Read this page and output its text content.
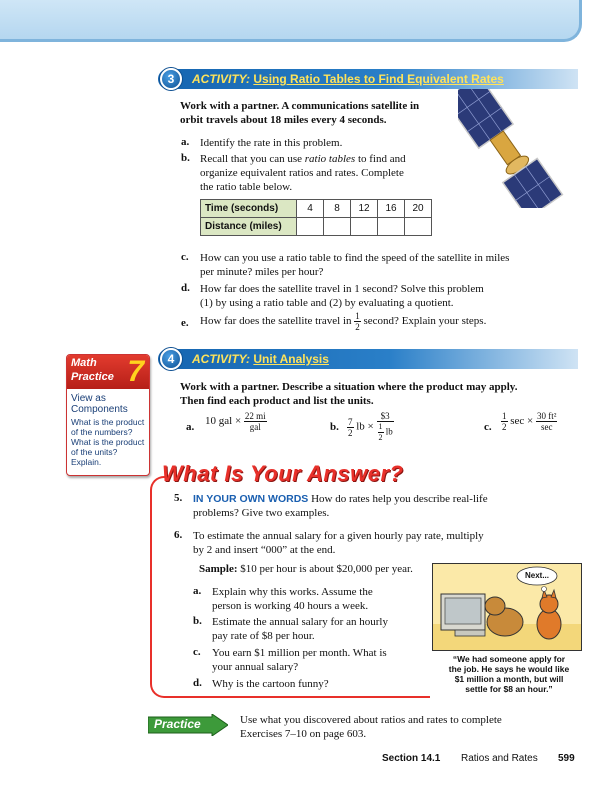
3	ACTIVITY: Using Ratio Tables to Find Equivalent Rates
Work with a partner. A communications satellite in
orbit travels about 18 miles every 4 seconds.
a. Identify the rate in this problem.
b. Recall that you can use ratio tables to find and
organize equivalent ratios and rates. Complete
the ratio table below.
Time (seconds)	4	8	12	16	20
Distance (miles)					
c. How can you use a ratio table to find the speed of the satellite in miles
per minute? miles per hour?
d. How far does the satellite travel in 1 second? Solve this problem
(1) by using a ratio table and (2) by evaluating a quotient.
e. How far does the satellite travel in $\frac{1}{2}$ second? Explain your steps.
4	ACTIVITY: Unit Analysis
Math
Practice 7
View as
Components
What is the product
of the numbers?
What is the product
of the units? Explain.
Work with a partner. Describe a situation where the product may apply.
Then find each product and list the units.
a. 10 gal × $\frac{22 mi}{\text{gal}}$	b. $\frac{7}{2}$ lb × $\frac{\$3}{\frac{1}{2} lb}$	c. $\frac{1}{2}$ $\sec \times \frac{\text{30 ft²}}{\sec}$
What Is Your Answer?
5. IN YOUR OWN WORDS How do rates help you describe real-life
problems? Give two examples.
6. To estimate the annual salary for a given hourly pay rate, multiply
by 2 and insert “000” at the end.
Sample: $10 per hour is about $20,000 per year.
a. Explain why this works. Assume the
person is working 40 hours a week.
b. Estimate the annual salary for an hourly
pay rate of $8 per hour.
c. You earn $1 million per month. What is
your annual salary?
d. Why is the cartoon funny?
Next...
“We had someone apply for
the job. He says he would like
$1 million a month, but will
settle for $8 an hour.”
Practice	Use what you discovered about ratios and rates to complete
Exercises 7–10 on page 603.
Section 14.1 Ratios and Rates 599
